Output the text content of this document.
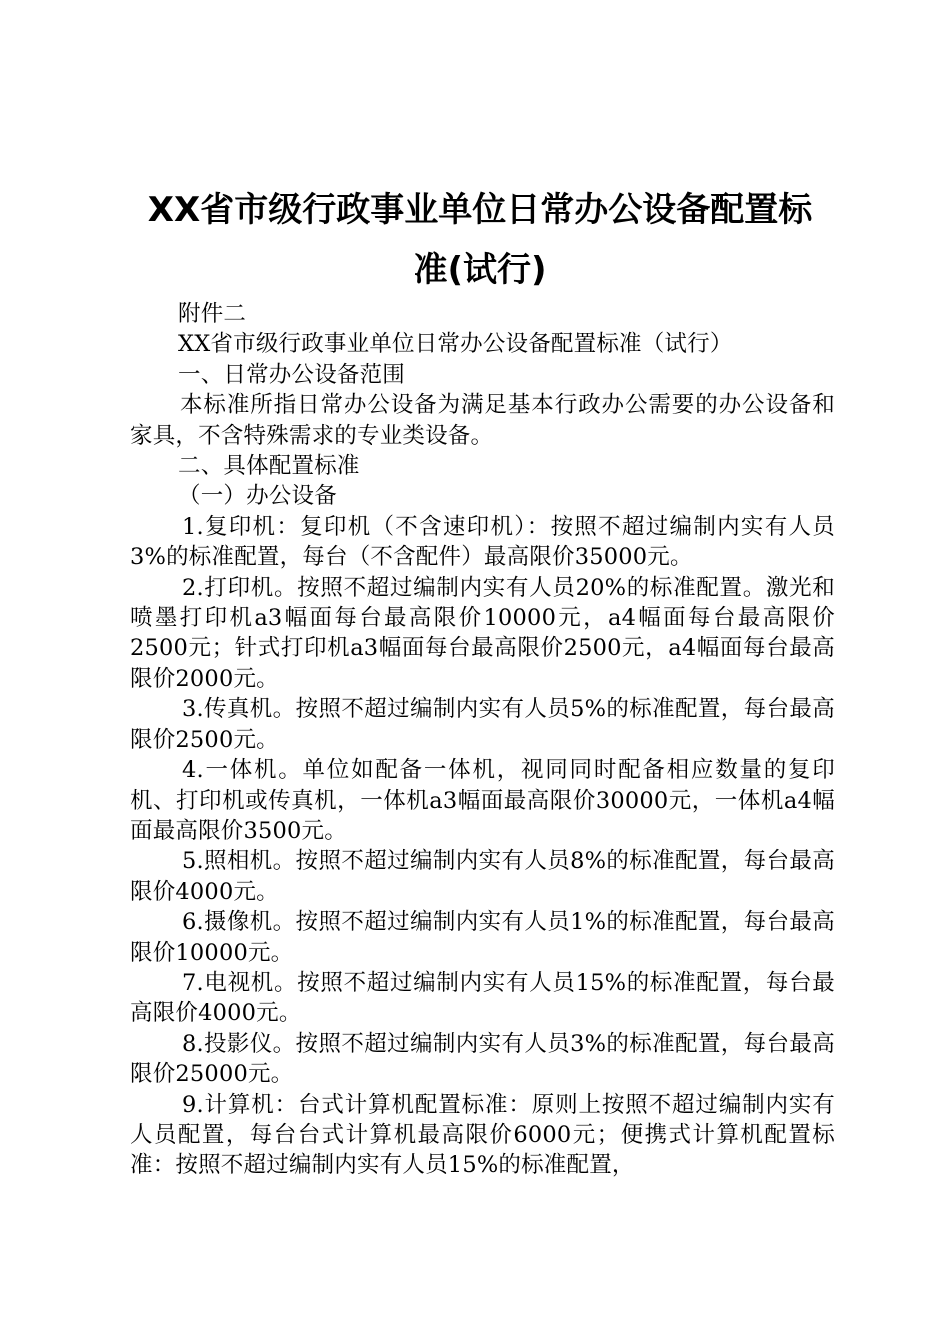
XX省市级行政事业单位日常办公设备配置标
准(试行)

附件二

XX省市级行政事业单位日常办公设备配置标准（试行）

一、日常办公设备范围

本标准所指日常办公设备为满足基本行政办公需要的办公设备和家具，不含特殊需求的专业类设备。

二、具体配置标准

（一）办公设备

1.复印机：复印机（不含速印机）：按照不超过编制内实有人员3%的标准配置，每台（不含配件）最高限价35000元。

2.打印机。按照不超过编制内实有人员20%的标准配置。激光和喷墨打印机a3幅面每台最高限价10000元，a4幅面每台最高限价2500元；针式打印机a3幅面每台最高限价2500元，a4幅面每台最高限价2000元。

3.传真机。按照不超过编制内实有人员5%的标准配置，每台最高限价2500元。

4.一体机。单位如配备一体机，视同同时配备相应数量的复印机、打印机或传真机，一体机a3幅面最高限价30000元，一体机a4幅面最高限价3500元。

5.照相机。按照不超过编制内实有人员8%的标准配置，每台最高限价4000元。

6.摄像机。按照不超过编制内实有人员1%的标准配置，每台最高限价10000元。

7.电视机。按照不超过编制内实有人员15%的标准配置，每台最高限价4000元。

8.投影仪。按照不超过编制内实有人员3%的标准配置，每台最高限价25000元。

9.计算机：台式计算机配置标准：原则上按照不超过编制内实有人员配置，每台台式计算机最高限价6000元；便携式计算机配置标准：按照不超过编制内实有人员15%的标准配置，
